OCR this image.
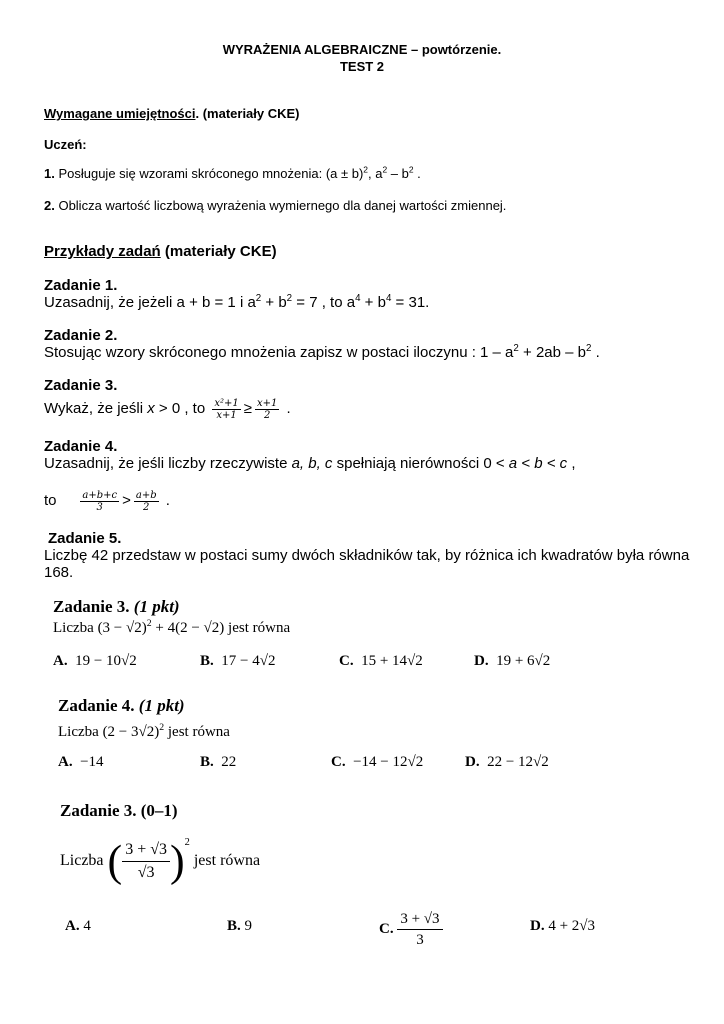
WYRAŻENIA ALGEBRAICZNE – powtórzenie.
TEST 2
Wymagane umiejętności. (materiały CKE)
Uczeń:
1. Posługuje się wzorami skróconego mnożenia: $(a \pm b)^2$, $a^2 - b^2$ .
2. Oblicza wartość liczbową wyrażenia wymiernego dla danej wartości zmiennej.
Przykłady zadań (materiały CKE)
Zadanie 1.
Uzasadnij, że jeżeli a + b = 1 i $a^2 + b^2 = 7$ , to $a^4 + b^4 = 31$.
Zadanie 2.
Stosując wzory skróconego mnożenia zapisz w postaci iloczynu : $1 - a^2 + 2ab - b^2$ .
Zadanie 3.
Wykaż, że jeśli x > 0 , to $\frac{\text{x²+1}}{x+1} \ge \frac{x+1}{2}$ .
Zadanie 4.
Uzasadnij, że jeśli liczby rzeczywiste a, b, c spełniają nierówności 0 < a < b < c ,
to $\frac{a+b+c}{3} > \frac{a+b}{2}$ .
Zadanie 5.
Liczbę 42 przedstaw w postaci sumy dwóch składników tak, by różnica ich kwadratów była równa 168.
Zadanie 3. (1 pkt)
Liczba $(3 - √2)^2 + 4(2 - √2)$ jest równa
A. 19 − 10√2	B. 17 − 4√2	C. 15 + 14√2	D. 19 + 6√2
Zadanie 4. (1 pkt)
Liczba $(2 - 3√2)^2$ jest równa
A. −14	B. 22	C. −14 − 12√2	D. 22 − 12√2
Zadanie 3. (0–1)
Liczba ( $\frac{3 + √3}{√3} )^2$ jest równa
A. 4	B. 9	C. $\frac{3 + √3}{3}$	D. 4 + 2√3
